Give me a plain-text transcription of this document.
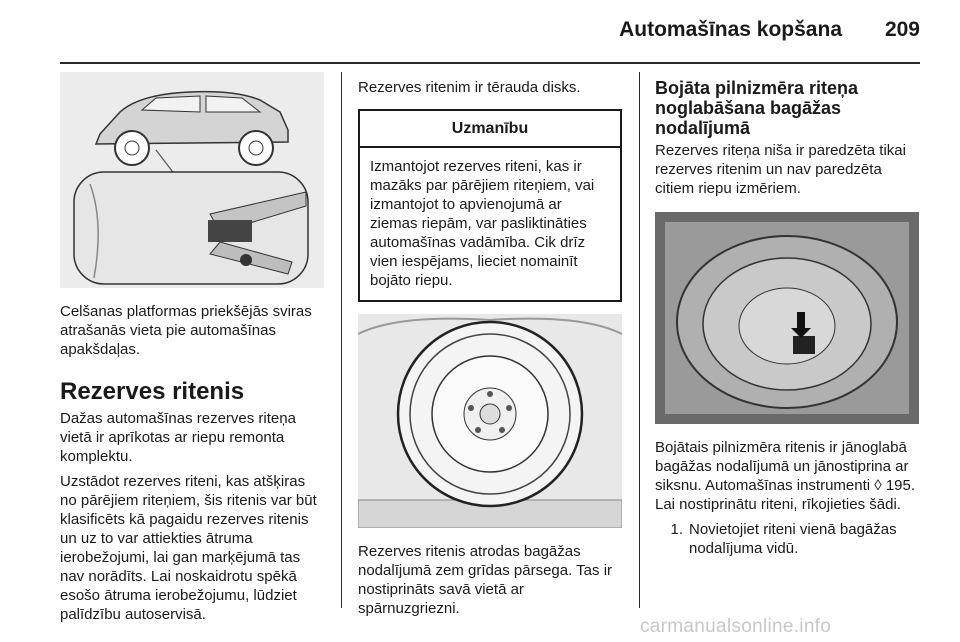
Automašīnas kopšana 209

Celšanas platformas priekšējās sviras atrašanās vieta pie automašīnas apakšdaļas.

Rezerves ritenis

Dažas automašīnas rezerves riteņa vietā ir aprīkotas ar riepu remonta komplektu.

Uzstādot rezerves riteni, kas atšķiras no pārējiem riteņiem, šis ritenis var būt klasificēts kā pagaidu rezerves ritenis un uz to var attiekties ātruma ierobežojumi, lai gan marķējumā tas nav norādīts. Lai noskaidrotu spēkā esošo ātruma ierobežojumu, lūdziet palīdzību autoservisā.

Rezerves ritenim ir tērauda disks.

Uzmanību
Izmantojot rezerves riteni, kas ir mazāks par pārējiem riteņiem, vai izmantojot to apvienojumā ar ziemas riepām, var pasliktināties automašīnas vadāmība. Cik drīz vien iespējams, lieciet nomainīt bojāto riepu.

Rezerves ritenis atrodas bagāžas nodalījumā zem grīdas pārsega. Tas ir nostiprināts savā vietā ar spārnuzgriezni.

Bojāta pilnizmēra riteņa noglabāšana bagāžas nodalījumā

Rezerves riteņa niša ir paredzēta tikai rezerves ritenim un nav paredzēta citiem riepu izmēriem.

Bojātais pilnizmēra ritenis ir jānoglabā bagāžas nodalījumā un jānostiprina ar siksnu. Automašīnas instrumenti ◊ 195. Lai nostiprinātu riteni, rīkojieties šādi.

1. Novietojiet riteni vienā bagāžas nodalījuma vidū.
carmanualsonline.info
